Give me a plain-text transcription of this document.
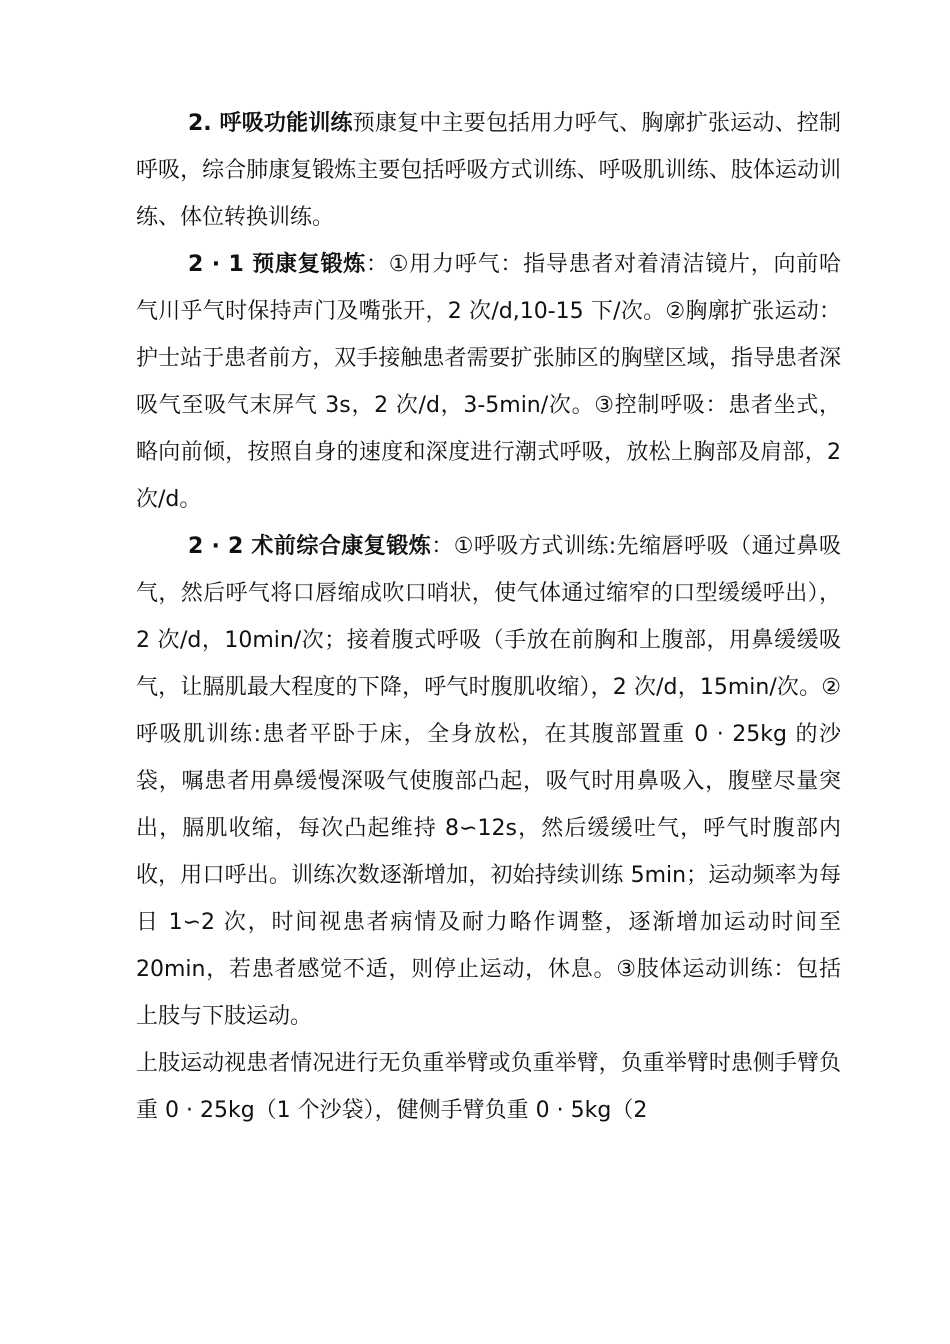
2. 呼吸功能训练预康复中主要包括用力呼气、胸廓扩张运动、控制呼吸，综合肺康复锻炼主要包括呼吸方式训练、呼吸肌训练、肢体运动训练、体位转换训练。

2 · 1 预康复锻炼：①用力呼气：指导患者对着清洁镜片，向前哈气川乎气时保持声门及嘴张开，2 次/d,10-15 下/次。②胸廓扩张运动：护士站于患者前方，双手接触患者需要扩张肺区的胸壁区域，指导患者深吸气至吸气末屏气 3s，2 次/d，3-5min/次。③控制呼吸：患者坐式，略向前倾，按照自身的速度和深度进行潮式呼吸，放松上胸部及肩部，2 次/d。

2 · 2 术前综合康复锻炼：①呼吸方式训练:先缩唇呼吸（通过鼻吸气，然后呼气将口唇缩成吹口哨状，使气体通过缩窄的口型缓缓呼出），2 次/d，10min/次；接着腹式呼吸（手放在前胸和上腹部，用鼻缓缓吸气，让膈肌最大程度的下降，呼气时腹肌收缩），2 次/d，15min/次。②呼吸肌训练:患者平卧于床，全身放松，在其腹部置重 0 · 25kg 的沙袋，嘱患者用鼻缓慢深吸气使腹部凸起，吸气时用鼻吸入，腹壁尽量突出，膈肌收缩，每次凸起维持 8∽12s，然后缓缓吐气，呼气时腹部内收，用口呼出。训练次数逐渐增加，初始持续训练 5min；运动频率为每日 1∽2 次，时间视患者病情及耐力略作调整，逐渐增加运动时间至 20min，若患者感觉不适，则停止运动，休息。③肢体运动训练：包括上肢与下肢运动。

上肢运动视患者情况进行无负重举臂或负重举臂，负重举臂时患侧手臂负重 0 · 25kg（1 个沙袋），健侧手臂负重 0 · 5kg（2
